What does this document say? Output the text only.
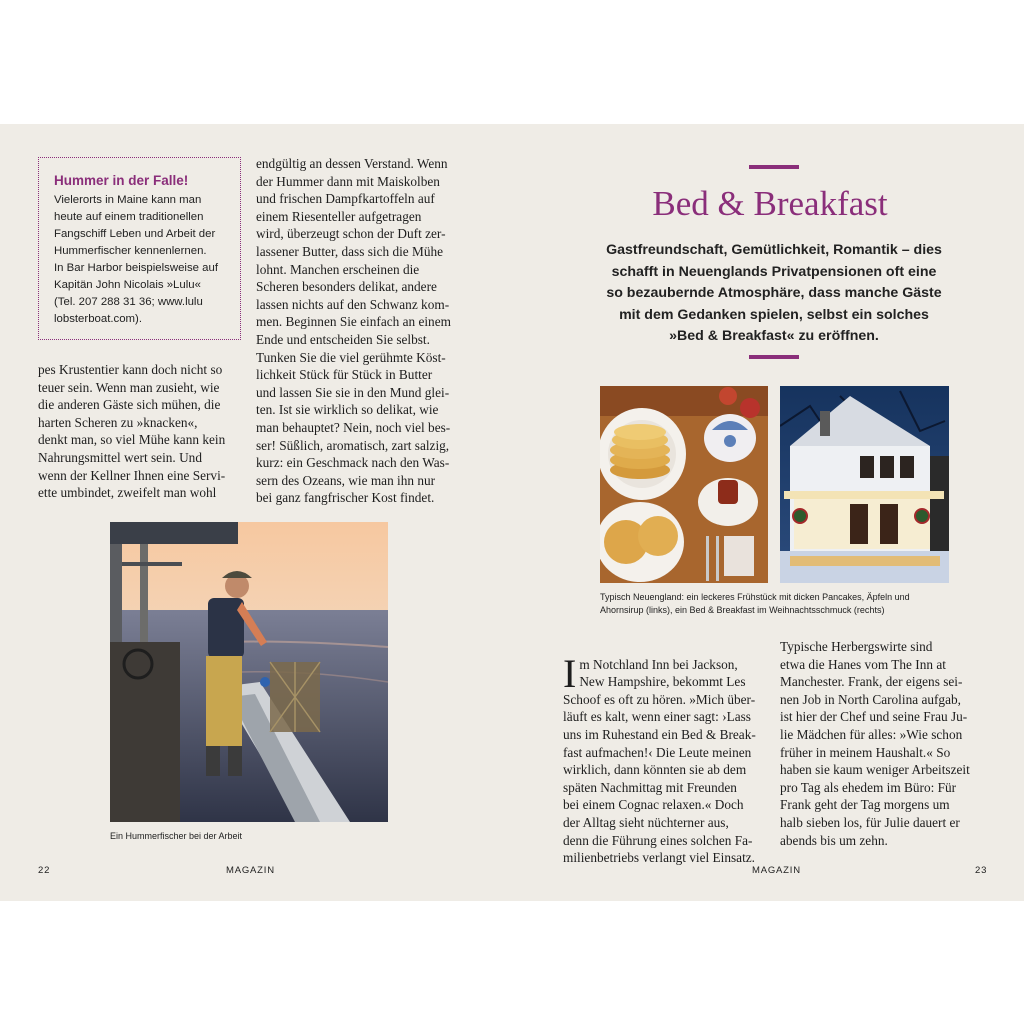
Hummer in der Falle!

Vielerorts in Maine kann man
heute auf einem traditionellen
Fangschiff Leben und Arbeit der
Hummerfischer kennenlernen.
In Bar Harbor beispielsweise auf
Kapitän John Nicolais »Lulu«
(Tel. 207 288 31 36; www.lulu
lobsterboat.com).

pes Krustentier kann doch nicht so
teuer sein. Wenn man zusieht, wie
die anderen Gäste sich mühen, die
harten Scheren zu »knacken«,
denkt man, so viel Mühe kann kein
Nahrungsmittel wert sein. Und
wenn der Kellner Ihnen eine Servi-
ette umbindet, zweifelt man wohl
endgültig an dessen Verstand. Wenn
der Hummer dann mit Maiskolben
und frischen Dampfkartoffeln auf
einem Riesenteller aufgetragen
wird, überzeugt schon der Duft zer-
lassener Butter, dass sich die Mühe
lohnt. Manchen erscheinen die
Scheren besonders delikat, andere
lassen nichts auf den Schwanz kom-
men. Beginnen Sie einfach an einem
Ende und entscheiden Sie selbst.
Tunken Sie die viel gerühmte Köst-
lichkeit Stück für Stück in Butter
und lassen Sie sie in den Mund glei-
ten. Ist sie wirklich so delikat, wie
man behauptet? Nein, noch viel bes-
ser! Süßlich, aromatisch, zart salzig,
kurz: ein Geschmack nach den Was-
sern des Ozeans, wie man ihn nur
bei ganz fangfrischer Kost findet.
Ein Hummerfischer bei der Arbeit
22	MAGAZIN
Bed & Breakfast
Gastfreundschaft, Gemütlichkeit, Romantik – dies
schafft in Neuenglands Privatpensionen oft eine
so bezaubernde Atmosphäre, dass manche Gäste
mit dem Gedanken spielen, selbst ein solches
»Bed & Breakfast« zu eröffnen.
Typisch Neuengland: ein leckeres Frühstück mit dicken Pancakes, Äpfeln und
Ahornsirup (links), ein Bed & Breakfast im Weihnachtsschmuck (rechts)

Im Notchland Inn bei Jackson,
New Hampshire, bekommt Les
Schoof es oft zu hören. »Mich über-
läuft es kalt, wenn einer sagt: ›Lass
uns im Ruhestand ein Bed & Break-
fast aufmachen!‹ Die Leute meinen
wirklich, dann könnten sie ab dem
späten Nachmittag mit Freunden
bei einem Cognac relaxen.« Doch
der Alltag sieht nüchterner aus,
denn die Führung eines solchen Fa-
milienbetriebs verlangt viel Einsatz.

Typische Herbergswirte sind
etwa die Hanes vom The Inn at
Manchester. Frank, der eigens sei-
nen Job in North Carolina aufgab,
ist hier der Chef und seine Frau Ju-
lie Mädchen für alles: »Wie schon
früher in meinem Haushalt.« So
haben sie kaum weniger Arbeitszeit
pro Tag als ehedem im Büro: Für
Frank geht der Tag morgens um
halb sieben los, für Julie dauert er
abends bis um zehn.
MAGAZIN	23
